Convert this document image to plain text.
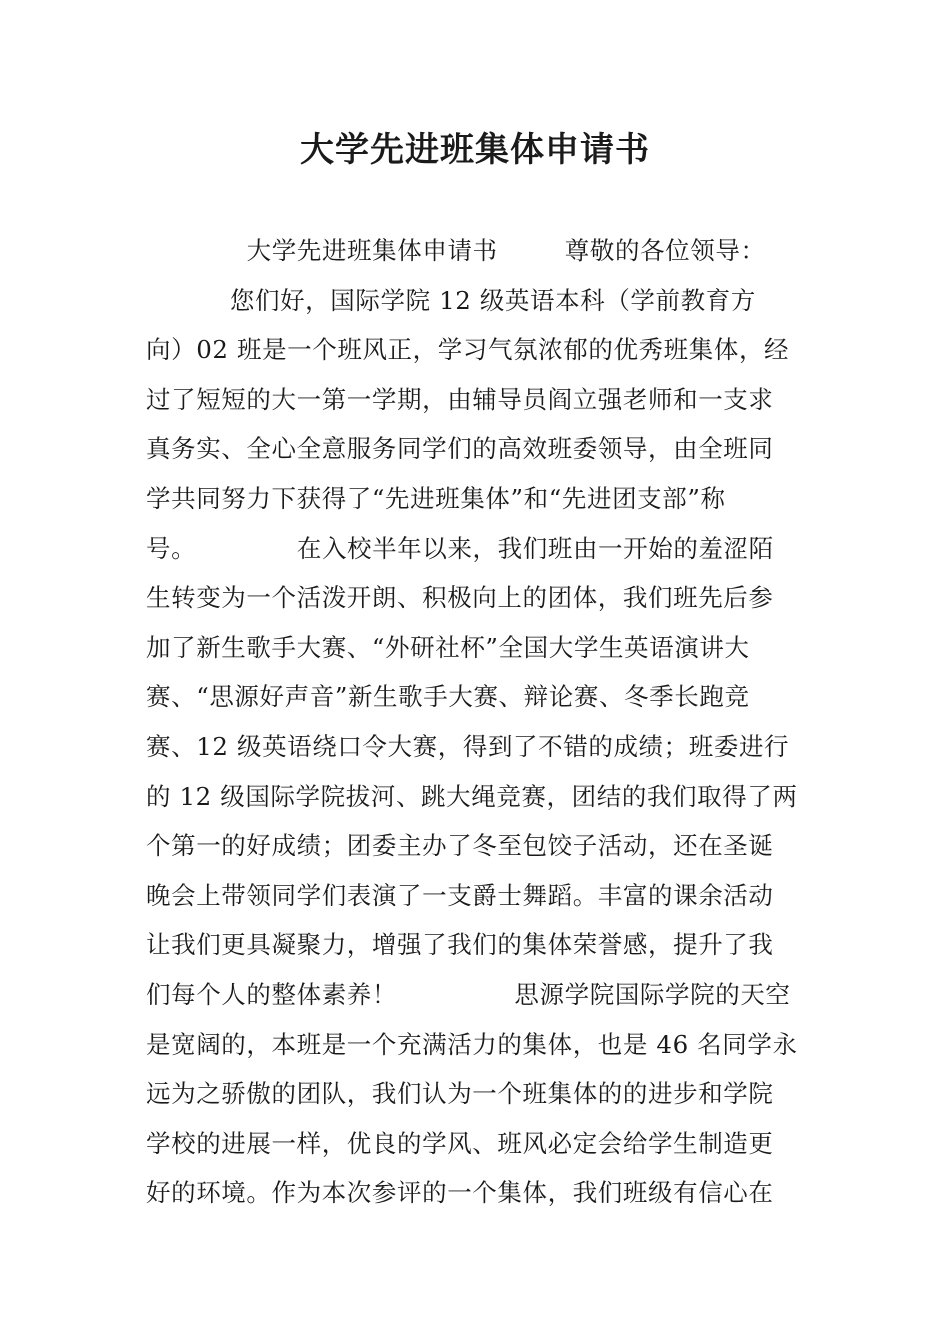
大学先进班集体申请书
大学先进班集体申请书        尊敬的各位领导：
您们好，国际学院 12 级英语本科（学前教育方
向）02 班是一个班风正，学习气氛浓郁的优秀班集体，经
过了短短的大一第一学期，由辅导员阎立强老师和一支求
真务实、全心全意服务同学们的高效班委领导，由全班同
学共同努力下获得了“先进班集体”和“先进团支部”称
号。            在入校半年以来，我们班由一开始的羞涩陌
生转变为一个活泼开朗、积极向上的团体，我们班先后参
加了新生歌手大赛、“外研社杯”全国大学生英语演讲大
赛、“思源好声音”新生歌手大赛、辩论赛、冬季长跑竞
赛、12 级英语绕口令大赛，得到了不错的成绩；班委进行
的 12 级国际学院拔河、跳大绳竞赛，团结的我们取得了两
个第一的好成绩；团委主办了冬至包饺子活动，还在圣诞
晚会上带领同学们表演了一支爵士舞蹈。丰富的课余活动
让我们更具凝聚力，增强了我们的集体荣誉感，提升了我
们每个人的整体素养！              思源学院国际学院的天空
是宽阔的，本班是一个充满活力的集体，也是 46 名同学永
远为之骄傲的团队，我们认为一个班集体的的进步和学院
学校的进展一样，优良的学风、班风必定会给学生制造更
好的环境。作为本次参评的一个集体，我们班级有信心在
